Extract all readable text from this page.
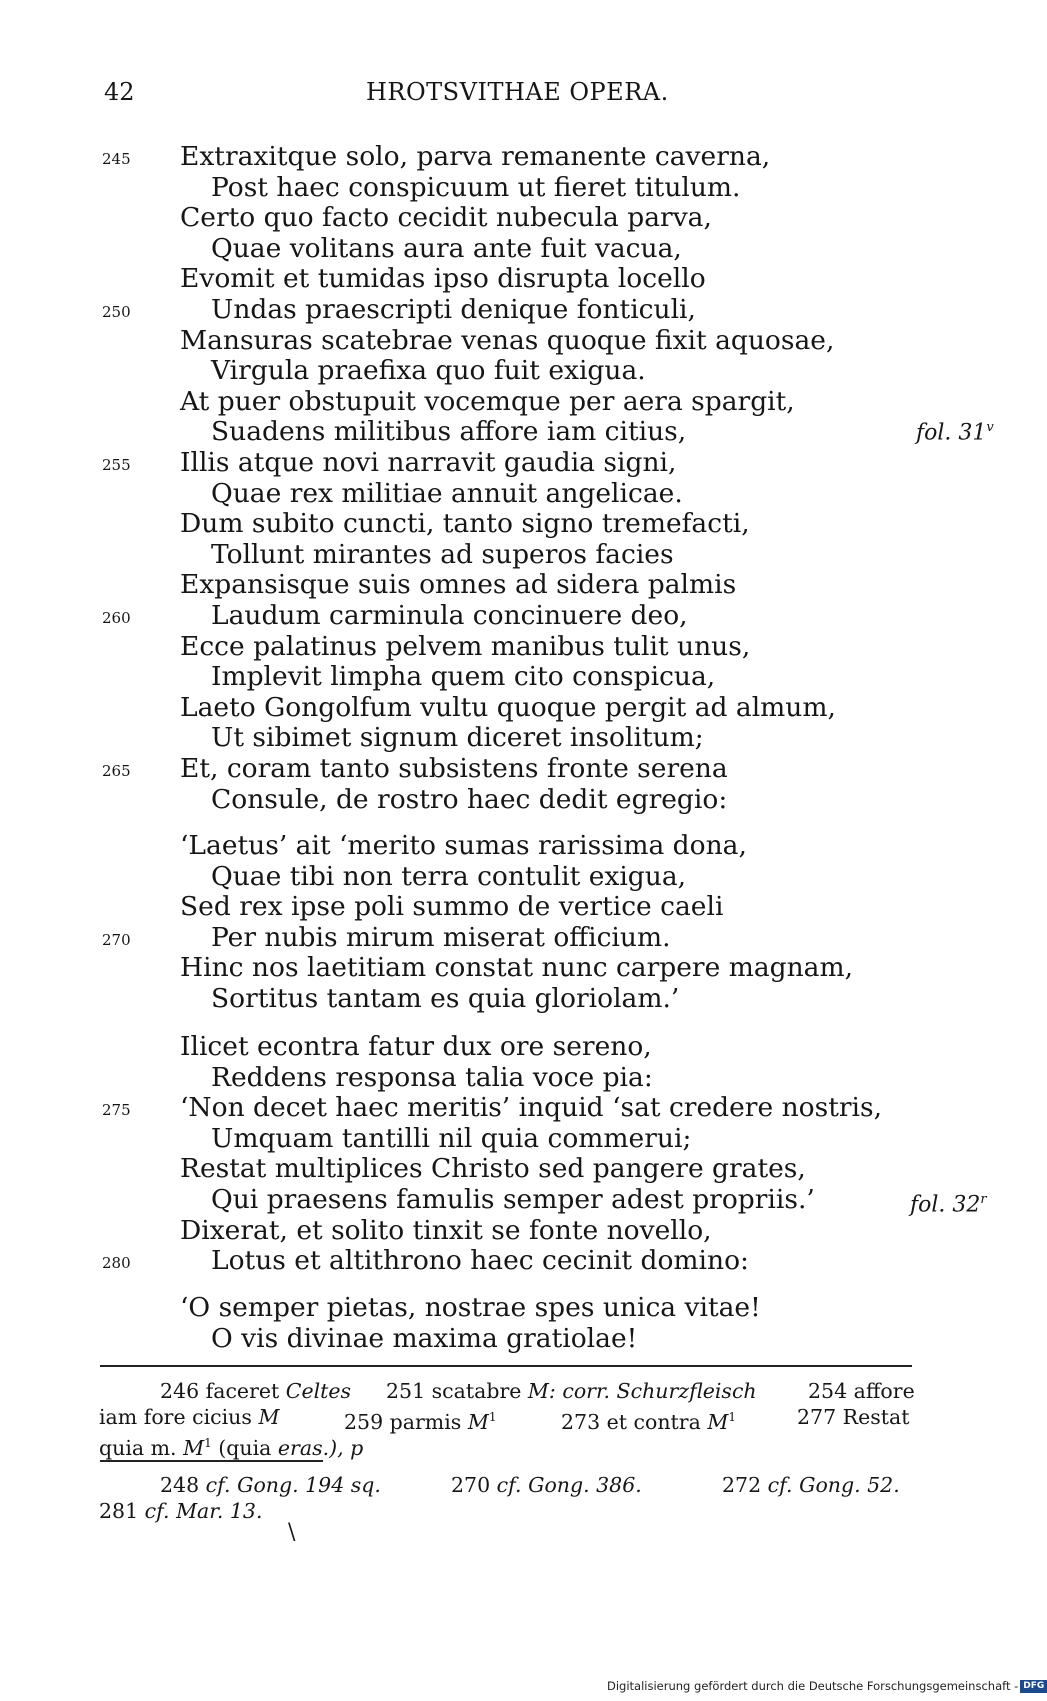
42	HROTSVITHAE OPERA.
Extraxitque solo, parva remanente caverna,
Post haec conspicuum ut fieret titulum.
Certo quo facto cecidit nubecula parva,
Quae volitans aura ante fuit vacua,
Evomit et tumidas ipso disrupta locello
Undas praescripti denique fonticuli,
Mansuras scatebrae venas quoque fixit aquosae,
Virgula praefixa quo fuit exigua.
At puer obstupuit vocemque per aera spargit,
Suadens militibus affore iam citius,
Illis atque novi narravit gaudia signi,
Quae rex militiae annuit angelicae.
Dum subito cuncti, tanto signo tremefacti,
Tollunt mirantes ad superos facies
Expansisque suis omnes ad sidera palmis
Laudum carminula concinuere deo,
Ecce palatinus pelvem manibus tulit unus,
Implevit limpha quem cito conspicua,
Laeto Gongolfum vultu quoque pergit ad almum,
Ut sibimet signum diceret insolitum;
Et, coram tanto subsistens fronte serena
Consule, de rostro haec dedit egregio:
‘Laetus’ ait ‘merito sumas rarissima dona,
Quae tibi non terra contulit exigua,
Sed rex ipse poli summo de vertice caeli
Per nubis mirum miserat officium.
Hinc nos laetitiam constat nunc carpere magnam,
Sortitus tantam es quia gloriolam.’
Ilicet econtra fatur dux ore sereno,
Reddens responsa talia voce pia:
‘Non decet haec meritis’ inquid ‘sat credere nostris,
Umquam tantilli nil quia commerui;
Restat multiplices Christo sed pangere grates,
Qui praesens famulis semper adest propriis.’
Dixerat, et solito tinxit se fonte novello,
Lotus et altithrono haec cecinit domino:
‘O semper pietas, nostrae spes unica vitae!
O vis divinae maxima gratiolae!
245
250
255
260
265
270
275
280
fol. 31$^v$
fol. 32$^r$
246 faceret Celtes 251 scatabre M: corr. Schurzfleisch	254 affore
iam fore cicius M	259 parmis $M^1$	273 et contra $M^1$	277 Restat
quia m. $M^1$ (quia eras.), p
248 cf. Gong. 194 sq.	270 cf. Gong. 386.	272 cf. Gong. 52.
281 cf. Mar. 13.
\
Digitalisierung gefördert durch die Deutsche Forschungsgemeinschaft - DFG
